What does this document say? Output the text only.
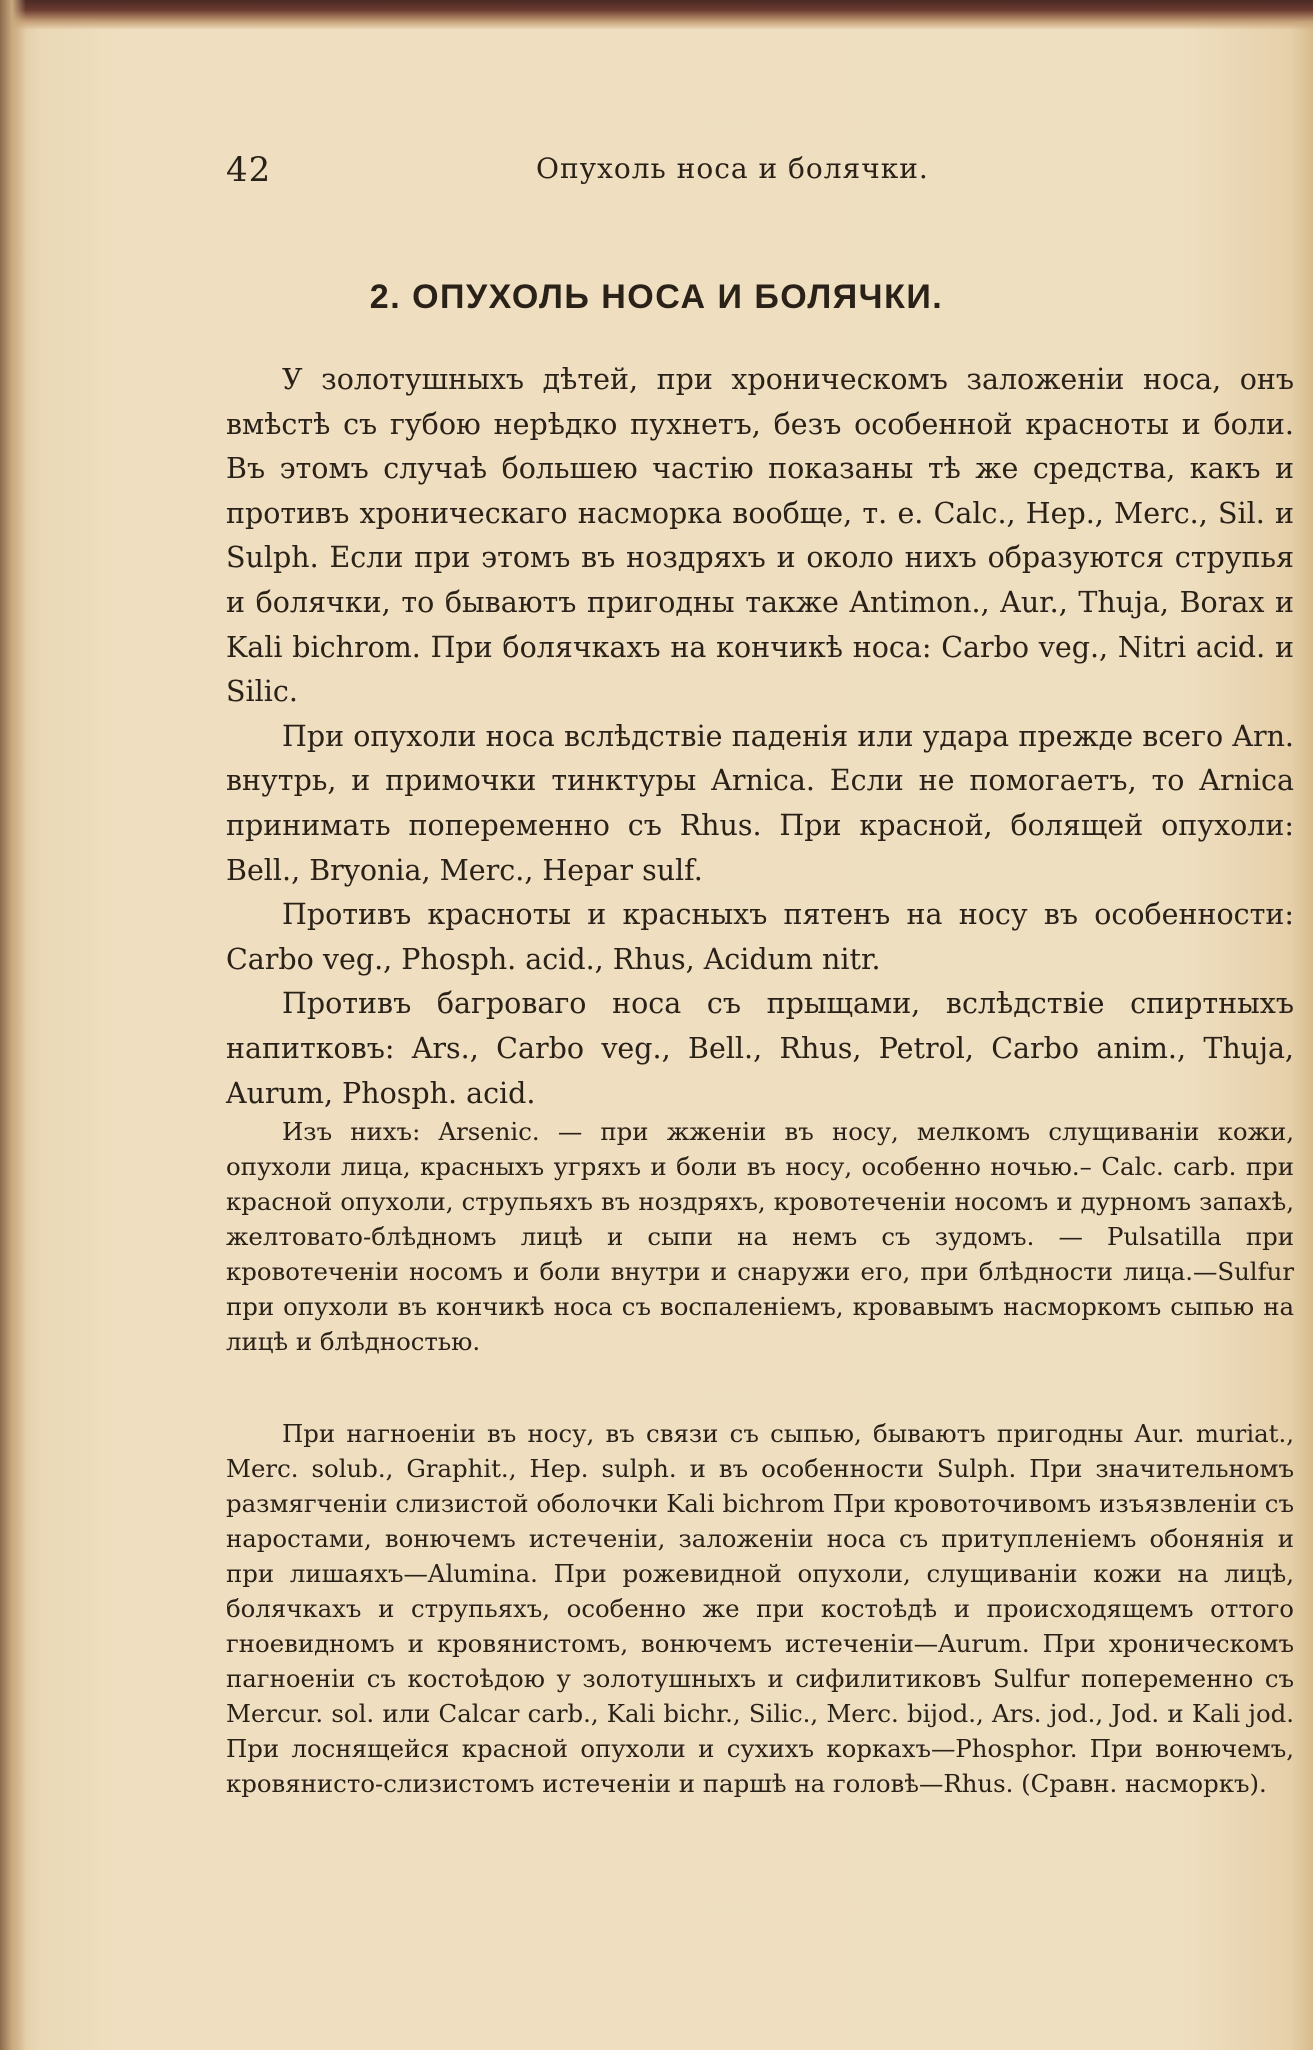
42	Опухоль носа и болячки.
2. ОПУХОЛЬ НОСА И БОЛЯЧКИ.

У золотушныхъ дѣтей, при хроническомъ заложенiи носа, онъ вмѣстѣ съ губою нерѣдко пухнетъ, безъ особенной красноты и боли. Въ этомъ случаѣ большею частiю показаны тѣ же средства, какъ и противъ хроническаго насморка вообще, т. е. Calc., Hep., Merc., Sil. и Sulph. Если при этомъ въ ноздряхъ и около нихъ образуются струпья и болячки, то бываютъ пригодны также Antimon., Aur., Thuja, Borax и Kali bichrom. При болячкахъ на кончикѣ носа: Carbo veg., Nitri acid. и Silic.

При опухоли носа вслѣдствiе паденiя или удара прежде всего Arn. внутрь, и примочки тинктуры Arnica. Если не помогаетъ, то Arnica принимать попеременно съ Rhus. При красной, болящей опухоли: Bell., Bryonia, Merc., Hepar sulf.

Противъ красноты и красныхъ пятенъ на носу въ особенности: Carbo veg., Phosph. acid., Rhus, Acidum nitr.

Противъ багроваго носа съ прыщами, вслѣдствiе спиртныхъ напитковъ: Ars., Carbo veg., Bell., Rhus, Petrol, Carbo anim., Thuja, Aurum, Phosph. acid.

Изъ нихъ: Arsenic. — при жженiи въ носу, мелкомъ слущиванiи кожи, опухоли лица, красныхъ угряхъ и боли въ носу, особенно ночью.– Calc. carb. при красной опухоли, струпьяхъ въ ноздряхъ, кровотеченiи носомъ и дурномъ запахѣ, желтовато-блѣдномъ лицѣ и сыпи на немъ съ зудомъ. — Pulsatilla при кровотеченiи носомъ и боли внутри и снаружи его, при блѣдности лица.—Sulfur при опухоли въ кончикѣ носа съ воспаленiемъ, кровавымъ насморкомъ сыпью на лицѣ и блѣдностью.

При нагноенiи въ носу, въ связи съ сыпью, бываютъ пригодны Aur. muriat., Merc. solub., Graphit., Hep. sulph. и въ особенности Sulph. При значительномъ размягченiи слизистой оболочки Kali bichrom При кровоточивомъ изъязвленiи съ наростами, вонючемъ истеченiи, заложенiи носа съ притупленiемъ обонянiя и при лишаяхъ—Alumina. При рожевидной опухоли, слущиванiи кожи на лицѣ, болячкахъ и струпьяхъ, особенно же при костоѣдѣ и происходящемъ оттого гноевидномъ и кровянистомъ, вонючемъ истеченiи—Aurum. При хроническомъ пагноенiи съ костоѣдою у золотушныхъ и сифилитиковъ Sulfur попеременно съ Mercur. sol. или Calcar carb., Kali bichr., Silic., Merc. bijod., Ars. jod., Jod. и Kali jod. При лоснящейся красной опухоли и сухихъ коркахъ—Phosphor. При вонючемъ, кровянисто-слизистомъ истеченiи и паршѣ на головѣ—Rhus. (Сравн. насморкъ).
